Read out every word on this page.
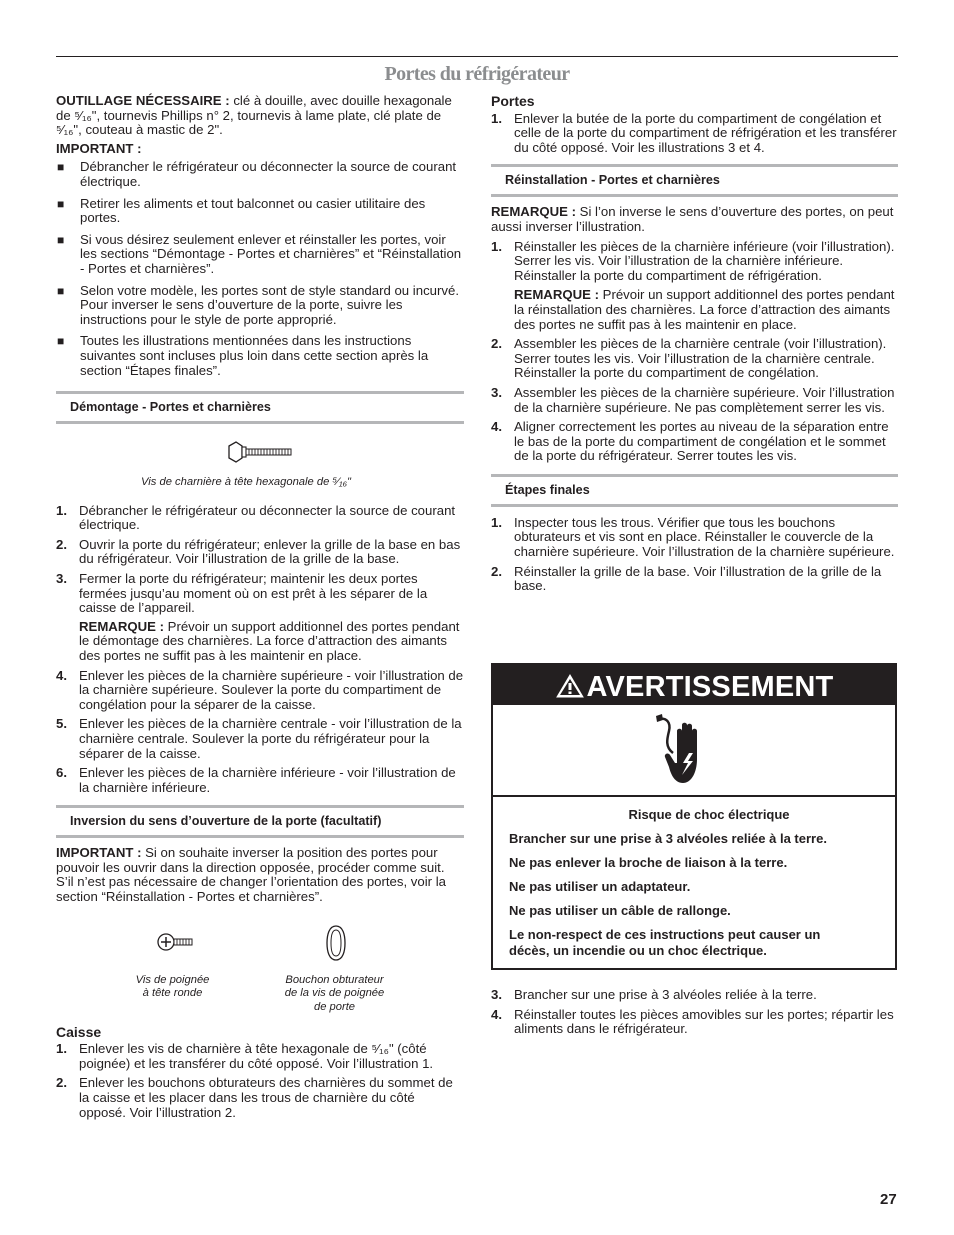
Portes du réfrigérateur

OUTILLAGE NÉCESSAIRE : clé à douille, avec douille hexagonale de ⁵⁄₁₆", tournevis Phillips n° 2, tournevis à lame plate, clé plate de ⁵⁄₁₆", couteau à mastic de 2".

IMPORTANT :

■ Débrancher le réfrigérateur ou déconnecter la source de courant électrique.
■ Retirer les aliments et tout balconnet ou casier utilitaire des portes.
■ Si vous désirez seulement enlever et réinstaller les portes, voir les sections “Démontage - Portes et charnières” et “Réinstallation - Portes et charnières”.
■ Selon votre modèle, les portes sont de style standard ou incurvé. Pour inverser le sens d’ouverture de la porte, suivre les instructions pour le style de porte approprié.
■ Toutes les illustrations mentionnées dans les instructions suivantes sont incluses plus loin dans cette section après la section “Étapes finales”.
Démontage - Portes et charnières
Vis de charnière à tête hexagonale de ⁵⁄₁₆"
1. Débrancher le réfrigérateur ou déconnecter la source de courant électrique.
2. Ouvrir la porte du réfrigérateur; enlever la grille de la base en bas du réfrigérateur. Voir l’illustration de la grille de la base.
3. Fermer la porte du réfrigérateur; maintenir les deux portes fermées jusqu’au moment où on est prêt à les séparer de la caisse de l’appareil.

REMARQUE : Prévoir un support additionnel des portes pendant le démontage des charnières. La force d’attraction des aimants des portes ne suffit pas à les maintenir en place.

4. Enlever les pièces de la charnière supérieure - voir l’illustration de la charnière supérieure. Soulever la porte du compartiment de congélation pour la séparer de la caisse.
5. Enlever les pièces de la charnière centrale - voir l’illustration de la charnière centrale. Soulever la porte du réfrigérateur pour la séparer de la caisse.
6. Enlever les pièces de la charnière inférieure - voir l’illustration de la charnière inférieure.
Inversion du sens d’ouverture de la porte (facultatif)

IMPORTANT : Si on souhaite inverser la position des portes pour pouvoir les ouvrir dans la direction opposée, procéder comme suit. S’il n’est pas nécessaire de changer l’orientation des portes, voir la section “Réinstallation - Portes et charnières”.

Vis de poignée
à tête ronde
Bouchon obturateur
de la vis de poignée
de porte
Caisse
1. Enlever les vis de charnière à tête hexagonale de ⁵⁄₁₆" (côté poignée) et les transférer du côté opposé. Voir l’illustration 1.
2. Enlever les bouchons obturateurs des charnières du sommet de la caisse et les placer dans les trous de charnière du côté opposé. Voir l’illustration 2.
Portes
1. Enlever la butée de la porte du compartiment de congélation et celle de la porte du compartiment de réfrigération et les transférer du côté opposé. Voir les illustrations 3 et 4.
Réinstallation - Portes et charnières

REMARQUE : Si l’on inverse le sens d’ouverture des portes, on peut aussi inverser l’illustration.

1. Réinstaller les pièces de la charnière inférieure (voir l’illustration). Serrer les vis. Voir l’illustration de la charnière inférieure. Réinstaller la porte du compartiment de réfrigération.

REMARQUE : Prévoir un support additionnel des portes pendant la réinstallation des charnières. La force d’attraction des aimants des portes ne suffit pas à les maintenir en place.

2. Assembler les pièces de la charnière centrale (voir l’illustration). Serrer toutes les vis. Voir l’illustration de la charnière centrale. Réinstaller la porte du compartiment de congélation.
3. Assembler les pièces de la charnière supérieure. Voir l’illustration de la charnière supérieure. Ne pas complètement serrer les vis.
4. Aligner correctement les portes au niveau de la séparation entre le bas de la porte du compartiment de congélation et le sommet de la porte du réfrigérateur. Serrer toutes les vis.
Étapes finales
1. Inspecter tous les trous. Vérifier que tous les bouchons obturateurs et vis sont en place. Réinstaller le couvercle de la charnière supérieure. Voir l’illustration de la charnière supérieure.
2. Réinstaller la grille de la base. Voir l’illustration de la grille de la base.
AVERTISSEMENT
Risque de choc électrique
Brancher sur une prise à 3 alvéoles reliée à la terre.
Ne pas enlever la broche de liaison à la terre.
Ne pas utiliser un adaptateur.
Ne pas utiliser un câble de rallonge.
Le non-respect de ces instructions peut causer un décès, un incendie ou un choc électrique.
3. Brancher sur une prise à 3 alvéoles reliée à la terre.
4. Réinstaller toutes les pièces amovibles sur les portes; répartir les aliments dans le réfrigérateur.
27
